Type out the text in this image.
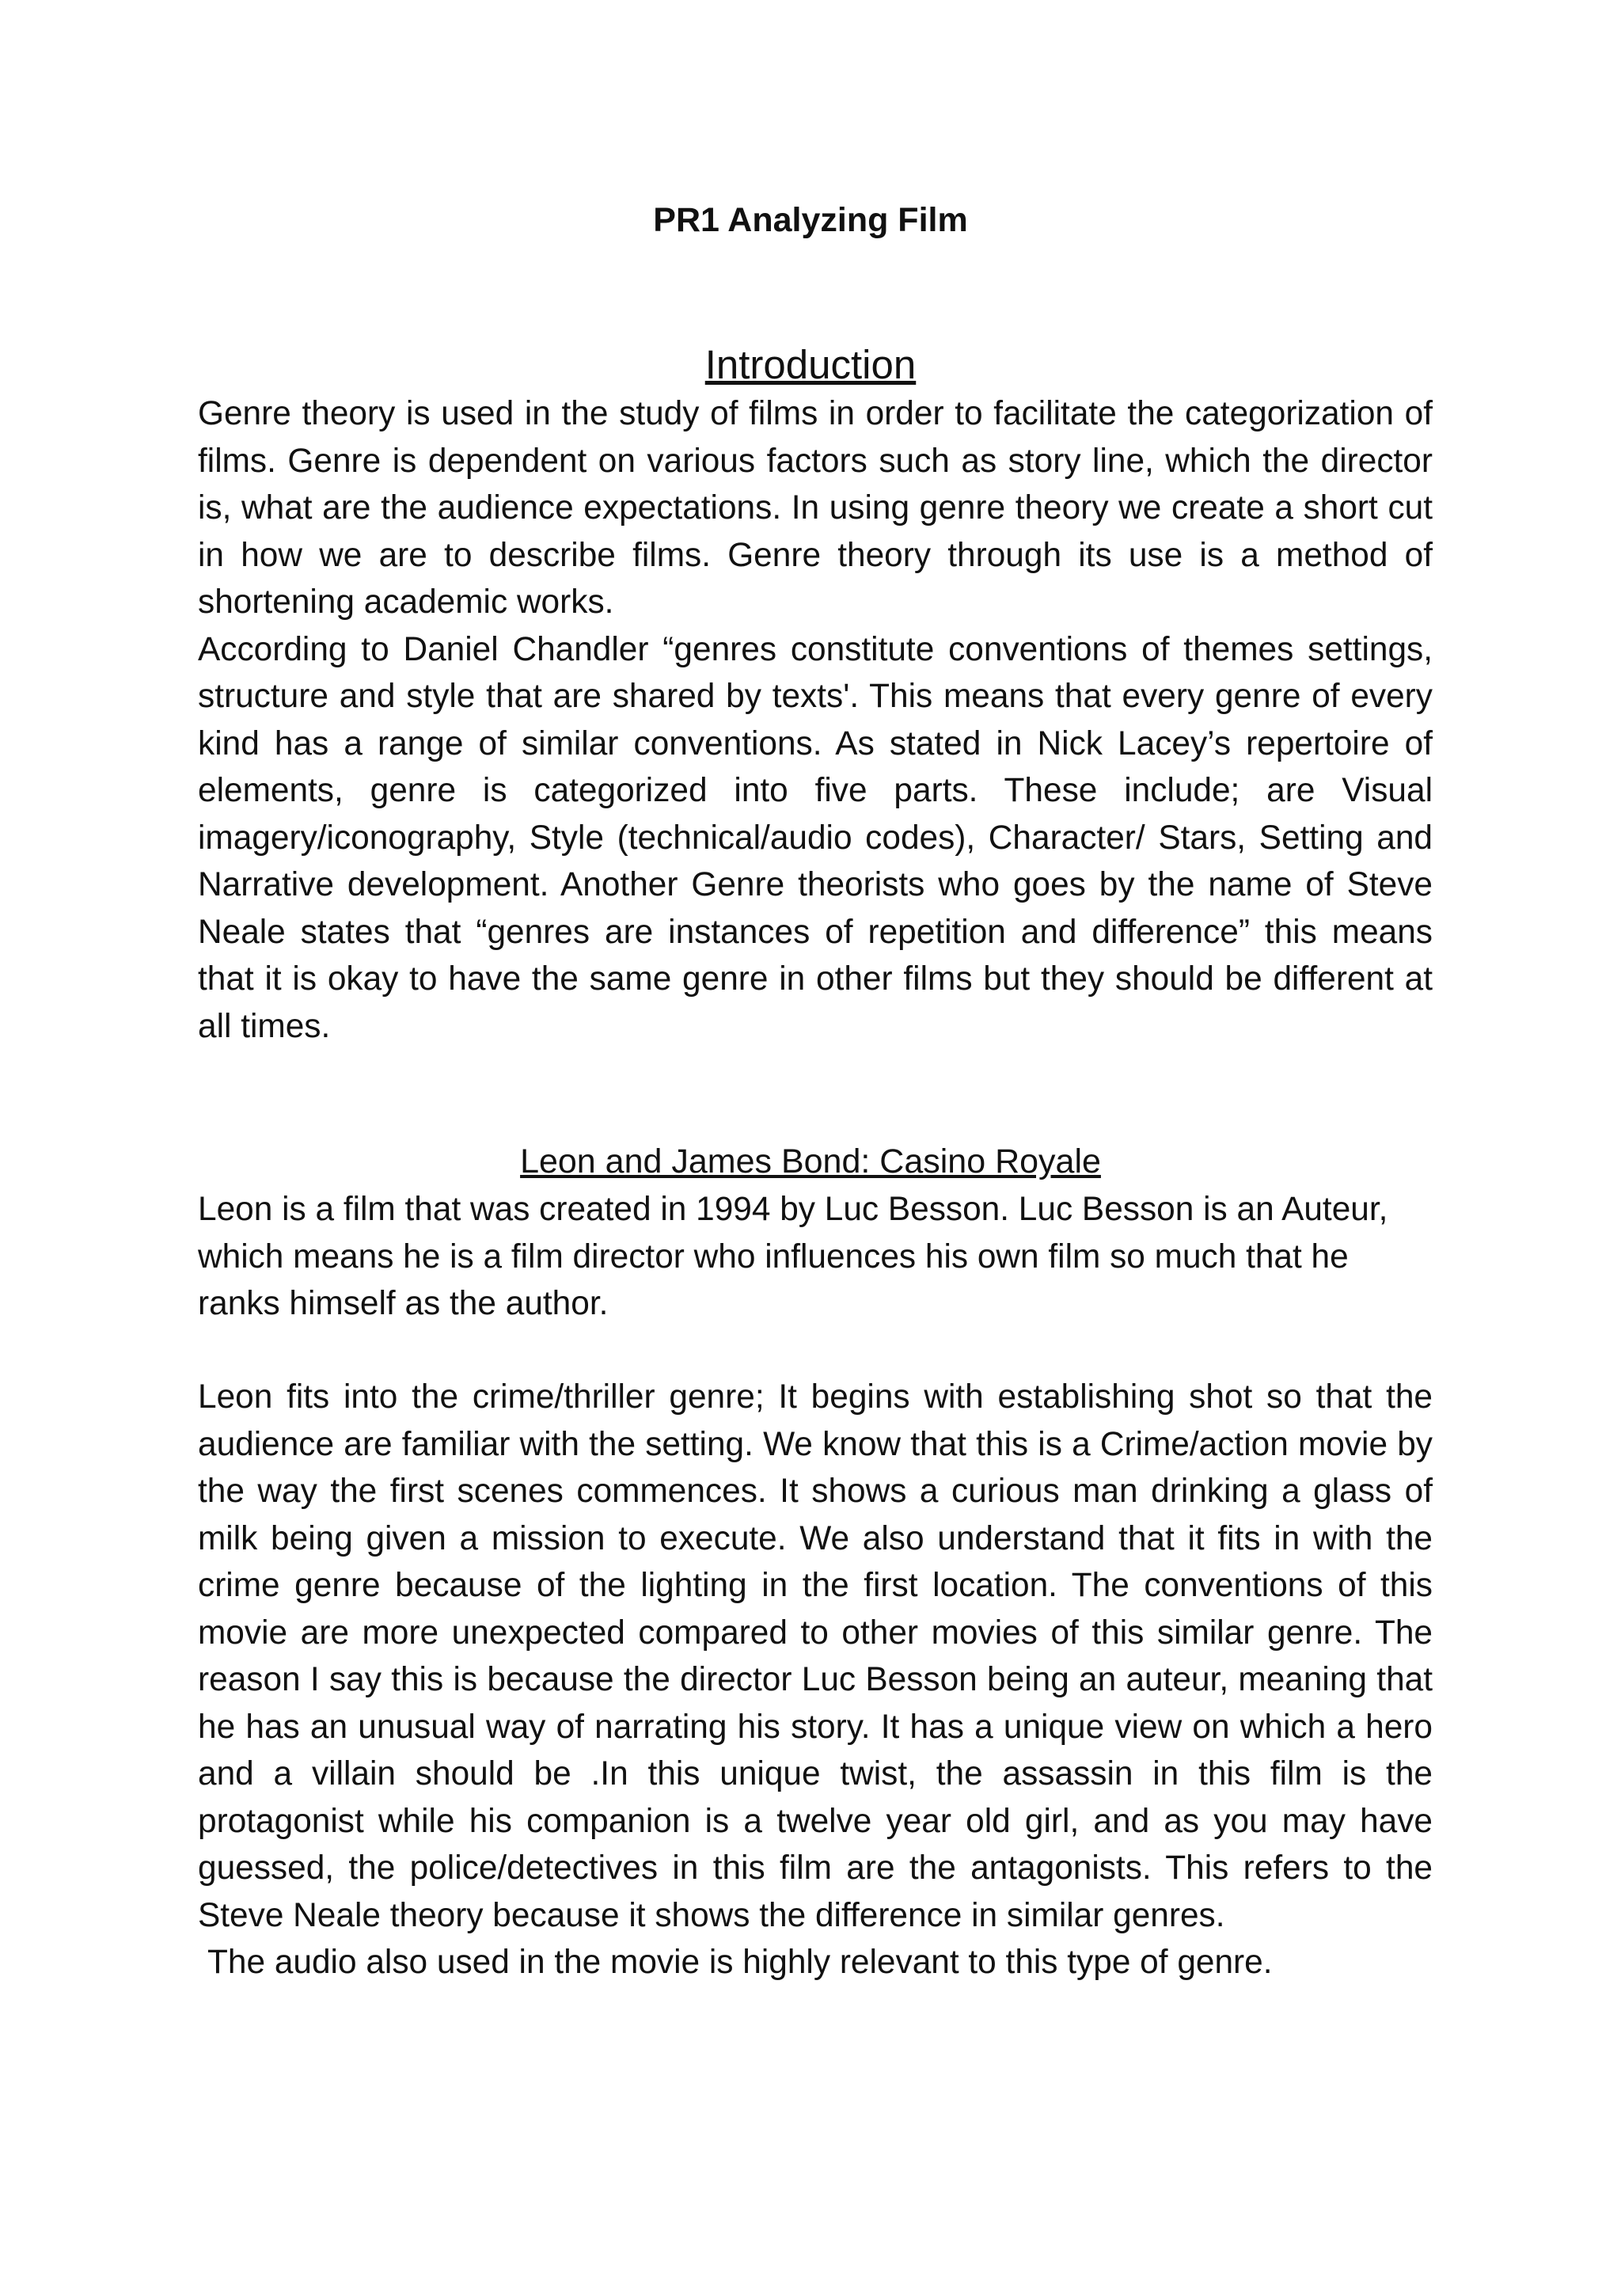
PR1 Analyzing Film
Introduction

Genre theory is used in the study of films in order to facilitate the categorization of films. Genre is dependent on various factors such as story line, which the director is, what are the audience expectations. In using genre theory we create a short cut in how we are to describe films. Genre theory through its use is a method of shortening academic works.

According to Daniel Chandler “genres constitute conventions of themes settings, structure and style that are shared by texts'. This means that every genre of every kind has a range of similar conventions. As stated in Nick Lacey’s repertoire of elements, genre is categorized into five parts. These include; are Visual imagery/iconography, Style (technical/audio codes), Character/ Stars, Setting and Narrative development. Another Genre theorists who goes by the name of Steve Neale states that “genres are instances of repetition and difference” this means that it is okay to have the same genre in other films but they should be different at all times.

Leon and James Bond: Casino Royale

Leon is a film that was created in 1994 by Luc Besson. Luc Besson is an Auteur, which means he is a film director who influences his own film so much that he ranks himself as the author.

Leon fits into the crime/thriller genre; It begins with establishing shot so that the audience are familiar with the setting. We know that this is a Crime/action movie by the way the first scenes commences. It shows a curious man drinking a glass of milk being given a mission to execute. We also understand that it fits in with the crime genre because of the lighting in the first location. The conventions of this movie are more unexpected compared to other movies of this similar genre. The reason I say this is because the director Luc Besson being an auteur, meaning that he has an unusual way of narrating his story. It has a unique view on which a hero and a villain should be .In this unique twist, the assassin in this film is the protagonist while his companion is a twelve year old girl, and as you may have guessed, the police/detectives in this film are the antagonists. This refers to the Steve Neale theory because it shows the difference in similar genres.

The audio also used in the movie is highly relevant to this type of genre.
